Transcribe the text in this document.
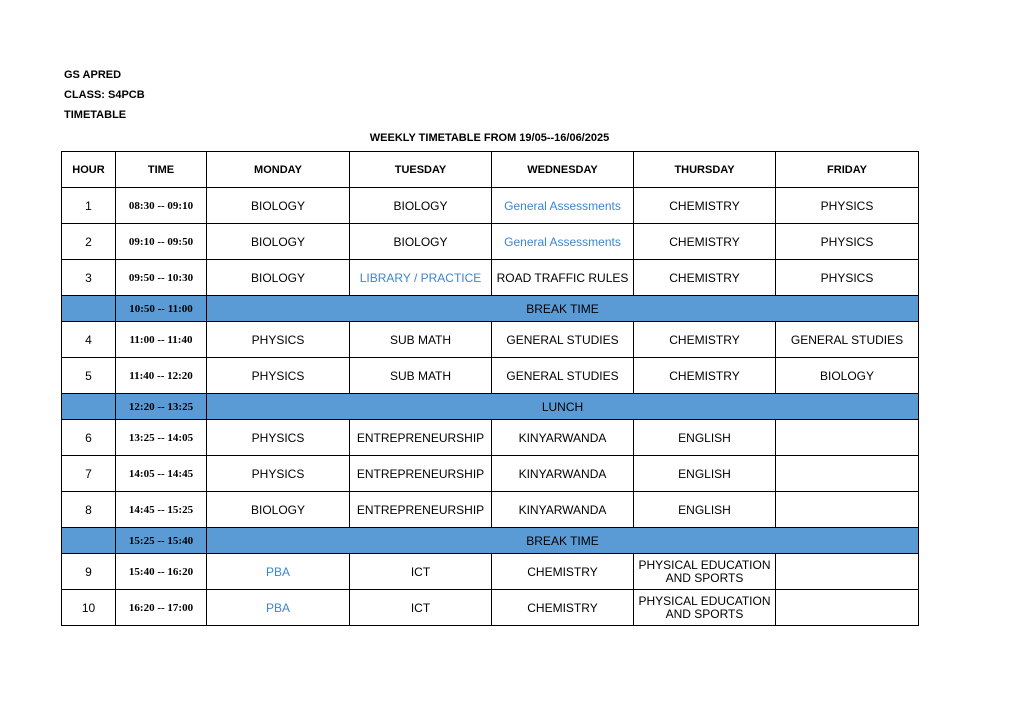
GS APRED
CLASS: S4PCB
TIMETABLE
WEEKLY TIMETABLE FROM 19/05--16/06/2025
HOUR	TIME	MONDAY	TUESDAY	WEDNESDAY	THURSDAY	FRIDAY
1	08:30 -- 09:10	BIOLOGY	BIOLOGY	General Assessments	CHEMISTRY	PHYSICS
2	09:10 -- 09:50	BIOLOGY	BIOLOGY	General Assessments	CHEMISTRY	PHYSICS
3	09:50 -- 10:30	BIOLOGY	LIBRARY / PRACTICE	ROAD TRAFFIC RULES	CHEMISTRY	PHYSICS
	10:50 -- 11:00	BREAK TIME				
4	11:00 -- 11:40	PHYSICS	SUB MATH	GENERAL STUDIES	CHEMISTRY	GENERAL STUDIES
5	11:40 -- 12:20	PHYSICS	SUB MATH	GENERAL STUDIES	CHEMISTRY	BIOLOGY
	12:20 -- 13:25	LUNCH				
6	13:25 -- 14:05	PHYSICS	ENTREPRENEURSHIP	KINYARWANDA	ENGLISH	
7	14:05 -- 14:45	PHYSICS	ENTREPRENEURSHIP	KINYARWANDA	ENGLISH	
8	14:45 -- 15:25	BIOLOGY	ENTREPRENEURSHIP	KINYARWANDA	ENGLISH	
	15:25 -- 15:40	BREAK TIME				
9	15:40 -- 16:20	PBA	ICT	CHEMISTRY	PHYSICAL EDUCATION AND SPORTS	
10	16:20 -- 17:00	PBA	ICT	CHEMISTRY	PHYSICAL EDUCATION AND SPORTS	
